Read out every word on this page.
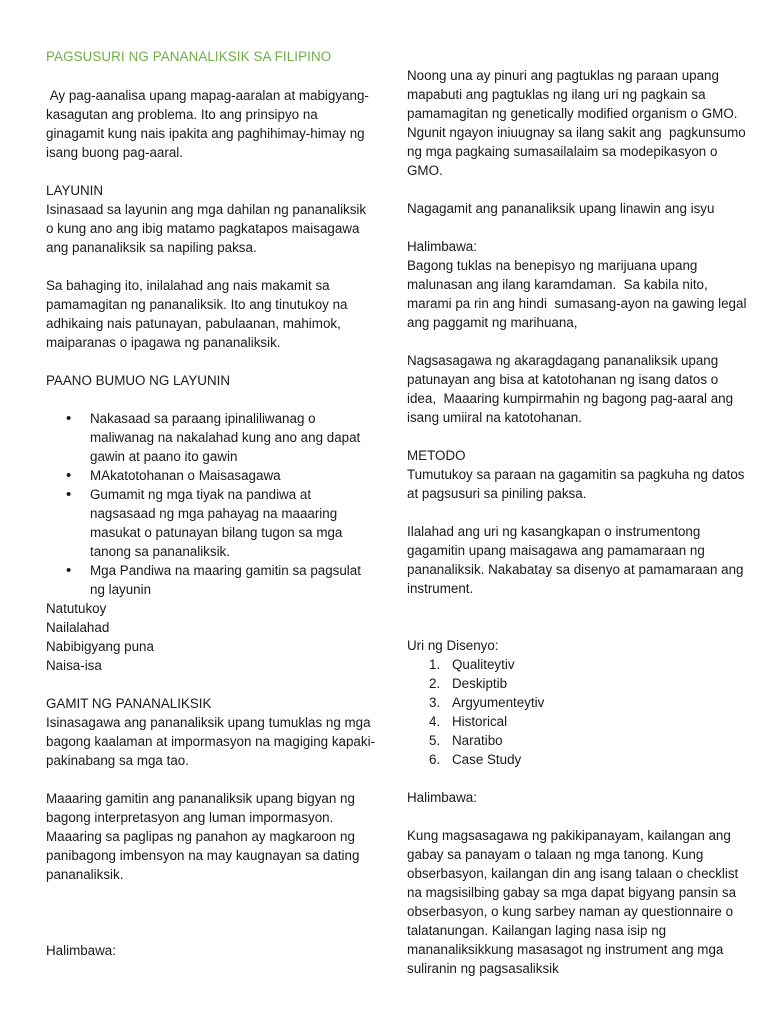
PAGSUSURI NG PANANALIKSIK SA FILIPINO

Ay pag-aanalisa upang mapag-aaralan at mabigyang-kasagutan ang problema. Ito ang prinsipyo na ginagamit kung nais ipakita ang paghihimay-himay ng isang buong pag-aaral.

LAYUNIN

Isinasaad sa layunin ang mga dahilan ng pananaliksik o kung ano ang ibig matamo pagkatapos maisagawa ang pananaliksik sa napiling paksa.

Sa bahaging ito, inilalahad ang nais makamit sa pamamagitan ng pananaliksik. Ito ang tinutukoy na adhikaing nais patunayan, pabulaanan, mahimok, maiparanas o ipagawa ng pananaliksik.

PAANO BUMUO NG LAYUNIN
• Nakasaad sa paraang ipinaliliwanag o maliwanag na nakalahad kung ano ang dapat gawin at paano ito gawin
• MAkatotohanan o Maisasagawa
• Gumamit ng mga tiyak na pandiwa at nagsasaad ng mga pahayag na maaaring masukat o patunayan bilang tugon sa mga tanong sa pananaliksik.
• Mga Pandiwa na maaring gamitin sa pagsulat ng layunin

Natutukoy

Nailalahad

Nabibigyang puna

Naisa-isa

GAMIT NG PANANALIKSIK

Isinasagawa ang pananaliksik upang tumuklas ng mga bagong kaalaman at impormasyon na magiging kapaki-pakinabang sa mga tao.

Maaaring gamitin ang pananaliksik upang bigyan ng bagong interpretasyon ang luman impormasyon. Maaaring sa paglipas ng panahon ay magkaroon ng panibagong imbensyon na may kaugnayan sa dating pananaliksik.

Halimbawa:

Noong una ay pinuri ang pagtuklas ng paraan upang mapabuti ang pagtuklas ng ilang uri ng pagkain sa pamamagitan ng genetically modified organism o GMO. Ngunit ngayon iniuugnay sa ilang sakit ang  pagkunsumo  ng mga pagkaing sumasailalaim sa modepikasyon o GMO.

Nagagamit ang pananaliksik upang linawin ang isyu

Halimbawa:

Bagong tuklas na benepisyo ng marijuana upang malunasan ang ilang karamdaman.  Sa kabila nito, marami pa rin ang hindi  sumasang-ayon na gawing legal ang paggamit ng marihuana,

Nagsasagawa ng akaragdagang pananaliksik upang patunayan ang bisa at katotohanan ng isang datos o idea,  Maaaring kumpirmahin ng bagong pag-aaral ang isang umiiral na katotohanan.

METODO

Tumutukoy sa paraan na gagamitin sa pagkuha ng datos at pagsusuri sa piniling paksa.

Ilalahad ang uri ng kasangkapan o instrumentong gagamitin upang maisagawa ang pamamaraan ng pananaliksik. Nakabatay sa disenyo at pamamaraan ang instrument.

Uri ng Disenyo:

1. Qualiteytiv
2. Deskiptib
3. Argyumenteytiv
4. Historical
5. Naratibo
6. Case Study

Halimbawa:

Kung magsasagawa ng pakikipanayam, kailangan ang gabay sa panayam o talaan ng mga tanong. Kung obserbasyon, kailangan din ang isang talaan o checklist na magsisilbing gabay sa mga dapat bigyang pansin sa obserbasyon, o kung sarbey naman ay questionnaire o talatanungan. Kailangan laging nasa isip ng mananaliksikkung masasagot ng instrument ang mga suliranin ng pagsasaliksik
